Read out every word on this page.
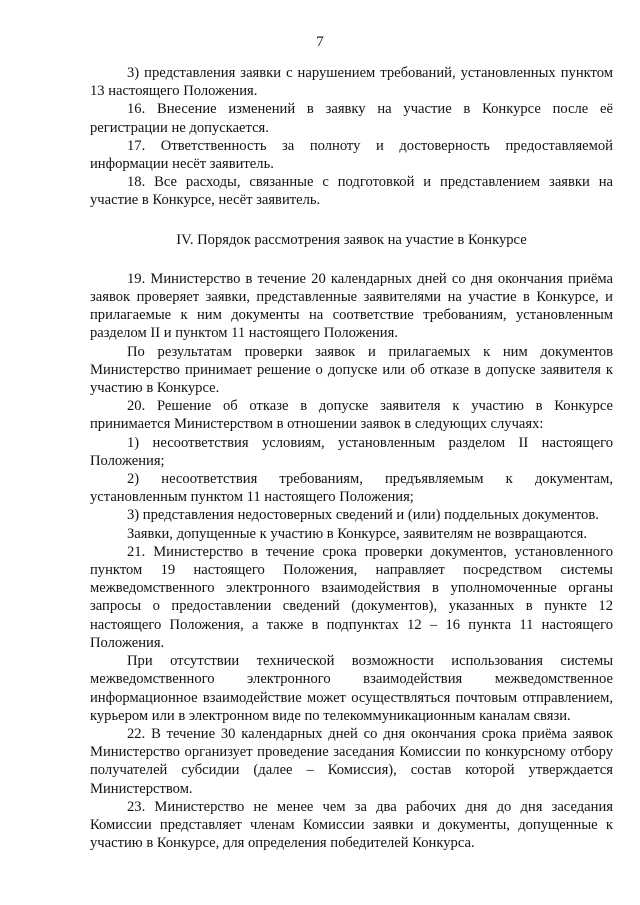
7

3) представления заявки с нарушением требований, установленных пунктом 13 настоящего Положения.

16. Внесение изменений в заявку на участие в Конкурсе после её регистрации не допускается.

17. Ответственность за полноту и достоверность предоставляемой информации несёт заявитель.

18. Все расходы, связанные с подготовкой и представлением заявки на участие в Конкурсе, несёт заявитель.

IV. Порядок рассмотрения заявок на участие в Конкурсе

19. Министерство в течение 20 календарных дней со дня окончания приёма заявок проверяет заявки, представленные заявителями на участие в Конкурсе, и прилагаемые к ним документы на соответствие требованиям, установленным разделом II и пунктом 11 настоящего Положения.

По результатам проверки заявок и прилагаемых к ним документов Министерство принимает решение о допуске или об отказе в допуске заявителя к участию в Конкурсе.

20. Решение об отказе в допуске заявителя к участию в Конкурсе принимается Министерством в отношении заявок в следующих случаях:

1) несоответствия условиям, установленным разделом II настоящего Положения;

2) несоответствия требованиям, предъявляемым к документам, установленным пунктом 11 настоящего Положения;

3) представления недостоверных сведений и (или) поддельных документов.

Заявки, допущенные к участию в Конкурсе, заявителям не возвращаются.

21. Министерство в течение срока проверки документов, установленного пунктом 19 настоящего Положения, направляет посредством системы межведомственного электронного взаимодействия в уполномоченные органы запросы о предоставлении сведений (документов), указанных в пункте 12 настоящего Положения, а также в подпунктах 12 – 16 пункта 11 настоящего Положения.

При отсутствии технической возможности использования системы межведомственного электронного взаимодействия межведомственное информационное взаимодействие может осуществляться почтовым отправлением, курьером или в электронном виде по телекоммуникационным каналам связи.

22. В течение 30 календарных дней со дня окончания срока приёма заявок Министерство организует проведение заседания Комиссии по конкурсному отбору получателей субсидии (далее – Комиссия), состав которой утверждается Министерством.

23. Министерство не менее чем за два рабочих дня до дня заседания Комиссии представляет членам Комиссии заявки и документы, допущенные к участию в Конкурсе, для определения победителей Конкурса.
